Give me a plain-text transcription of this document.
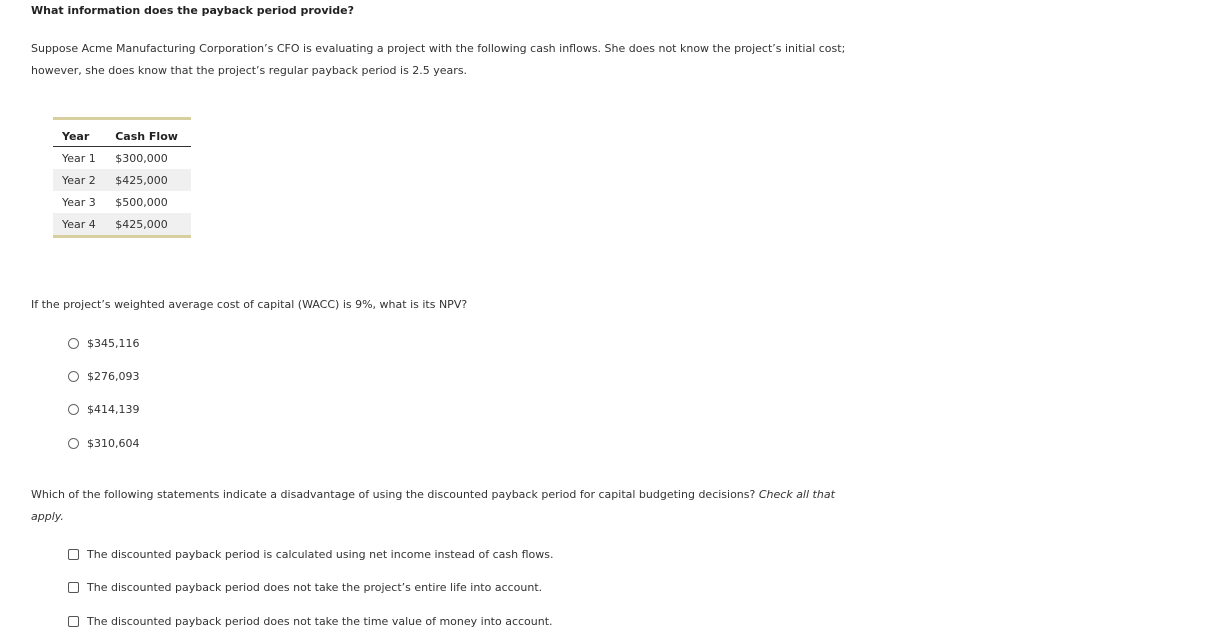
What information does the payback period provide?
Suppose Acme Manufacturing Corporation’s CFO is evaluating a project with the following cash inflows. She does not know the project’s initial cost;
however, she does know that the project’s regular payback period is 2.5 years.
Year	Cash Flow
Year 1	$300,000
Year 2	$425,000
Year 3	$500,000
Year 4	$425,000
If the project’s weighted average cost of capital (WACC) is 9%, what is its NPV?
$345,116
$276,093
$414,139
$310,604
Which of the following statements indicate a disadvantage of using the discounted payback period for capital budgeting decisions? Check all that
apply.
The discounted payback period is calculated using net income instead of cash flows.
The discounted payback period does not take the project’s entire life into account.
The discounted payback period does not take the time value of money into account.
